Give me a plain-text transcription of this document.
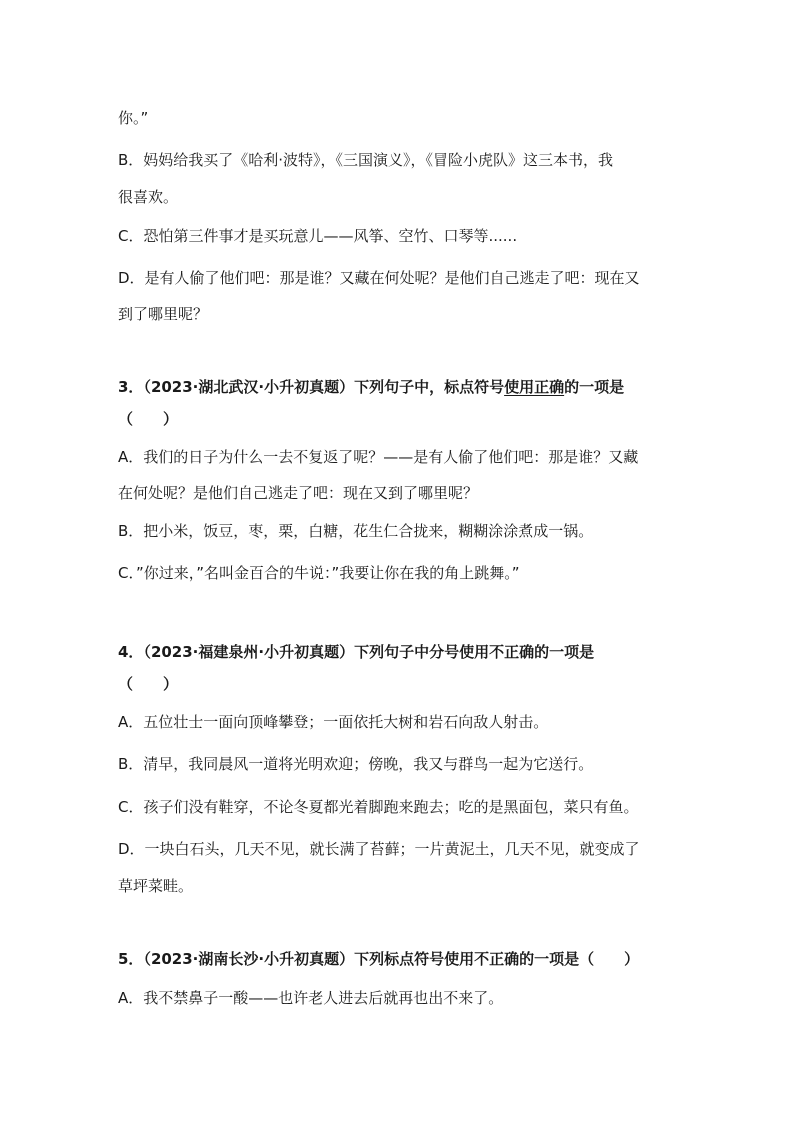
你。”

B．妈妈给我买了《哈利·波特》，《三国演义》，《冒险小虎队》这三本书，我

很喜欢。

C．恐怕第三件事才是买玩意儿——风筝、空竹、口琴等......

D．是有人偷了他们吧：那是谁？又藏在何处呢？是他们自己逃走了吧：现在又

到了哪里呢？

3．（2023·湖北武汉·小升初真题）下列句子中，标点符号使用正确的一项是

（　　）

A．我们的日子为什么一去不复返了呢？——是有人偷了他们吧：那是谁？又藏

在何处呢？是他们自己逃走了吧：现在又到了哪里呢？

B．把小米，饭豆，枣，栗，白糖，花生仁合拢来，糊糊涂涂煮成一锅。

C．”你过来，”名叫金百合的牛说：”我要让你在我的角上跳舞。”

4．（2023·福建泉州·小升初真题）下列句子中分号使用不正确的一项是

（　　）

A．五位壮士一面向顶峰攀登；一面依托大树和岩石向敌人射击。

B．清早，我同晨风一道将光明欢迎；傍晚，我又与群鸟一起为它送行。

C．孩子们没有鞋穿，不论冬夏都光着脚跑来跑去；吃的是黑面包，菜只有鱼。

D．一块白石头，几天不见，就长满了苔藓；一片黄泥土，几天不见，就变成了

草坪菜畦。

5．（2023·湖南长沙·小升初真题）下列标点符号使用不正确的一项是（　　）

A．我不禁鼻子一酸——也许老人进去后就再也出不来了。
